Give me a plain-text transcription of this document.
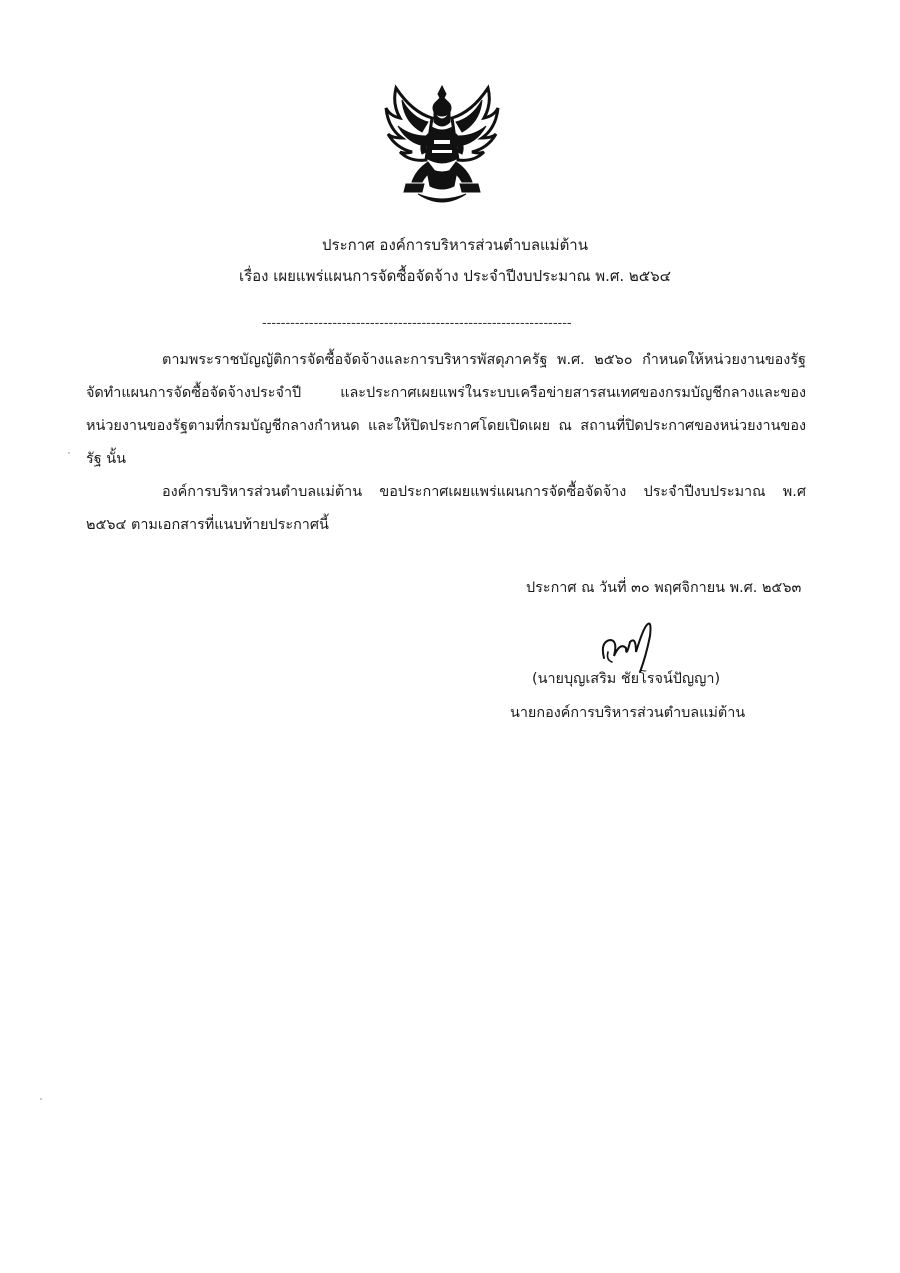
ประกาศ องค์การบริหารส่วนตำบลแม่ต้าน
เรื่อง เผยแพร่แผนการจัดซื้อจัดจ้าง ประจำปีงบประมาณ พ.ศ. ๒๕๖๔
------------------------------------------------------------------
ตามพระราชบัญญัติการจัดซื้อจัดจ้างและการบริหารพัสดุภาครัฐ พ.ศ. ๒๕๖๐ กำหนดให้หน่วยงานของรัฐ จัดทำแผนการจัดซื้อจัดจ้างประจำปี และประกาศเผยแพร่ในระบบเครือข่ายสารสนเทศของกรมบัญชีกลางและของหน่วยงานของรัฐตามที่กรมบัญชีกลางกำหนด และให้ปิดประกาศโดยเปิดเผย ณ สถานที่ปิดประกาศของหน่วยงานของรัฐ นั้น
องค์การบริหารส่วนตำบลแม่ต้าน ขอประกาศเผยแพร่แผนการจัดซื้อจัดจ้าง ประจำปีงบประมาณ พ.ศ ๒๕๖๔ ตามเอกสารที่แนบท้ายประกาศนี้
ประกาศ ณ วันที่ ๓๐ พฤศจิกายน พ.ศ. ๒๕๖๓
(นายบุญเสริม ชัยโรจน์ปัญญา)
นายกองค์การบริหารส่วนตำบลแม่ต้าน
